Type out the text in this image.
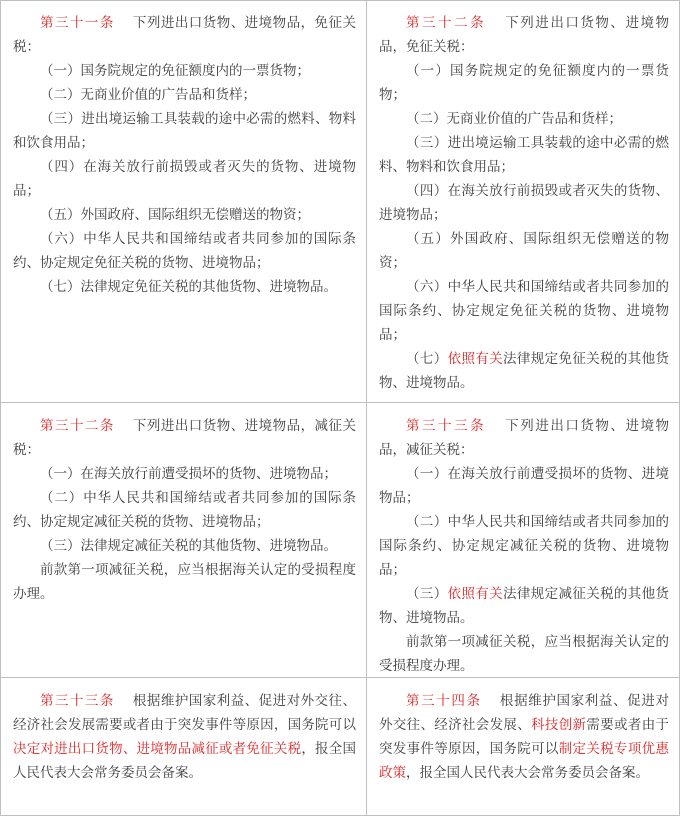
第三十一条 下列进出口货物、进境物品，免征关税：

（一）国务院规定的免征额度内的一票货物；

（二）无商业价值的广告品和货样；

（三）进出境运输工具装载的途中必需的燃料、物料和饮食用品；

（四）在海关放行前损毁或者灭失的货物、进境物品；

（五）外国政府、国际组织无偿赠送的物资；

（六）中华人民共和国缔结或者共同参加的国际条约、协定规定免征关税的货物、进境物品；

（七）法律规定免征关税的其他货物、进境物品。

第三十二条 下列进出口货物、进境物品，免征关税：

（一）国务院规定的免征额度内的一票货物；

（二）无商业价值的广告品和货样；

（三）进出境运输工具装载的途中必需的燃料、物料和饮食用品；

（四）在海关放行前损毁或者灭失的货物、进境物品；

（五）外国政府、国际组织无偿赠送的物资；

（六）中华人民共和国缔结或者共同参加的国际条约、协定规定免征关税的货物、进境物品；

（七）依照有关法律规定免征关税的其他货物、进境物品。

第三十二条 下列进出口货物、进境物品，减征关税：

（一）在海关放行前遭受损坏的货物、进境物品；

（二）中华人民共和国缔结或者共同参加的国际条约、协定规定减征关税的货物、进境物品；

（三）法律规定减征关税的其他货物、进境物品。

前款第一项减征关税，应当根据海关认定的受损程度办理。

第三十三条 下列进出口货物、进境物品，减征关税：

（一）在海关放行前遭受损坏的货物、进境物品；

（二）中华人民共和国缔结或者共同参加的国际条约、协定规定减征关税的货物、进境物品；

（三）依照有关法律规定减征关税的其他货物、进境物品。

前款第一项减征关税，应当根据海关认定的受损程度办理。

第三十三条 根据维护国家利益、促进对外交往、经济社会发展需要或者由于突发事件等原因，国务院可以决定对进出口货物、进境物品减征或者免征关税，报全国人民代表大会常务委员会备案。

第三十四条 根据维护国家利益、促进对外交往、经济社会发展、科技创新需要或者由于突发事件等原因，国务院可以制定关税专项优惠政策，报全国人民代表大会常务委员会备案。
